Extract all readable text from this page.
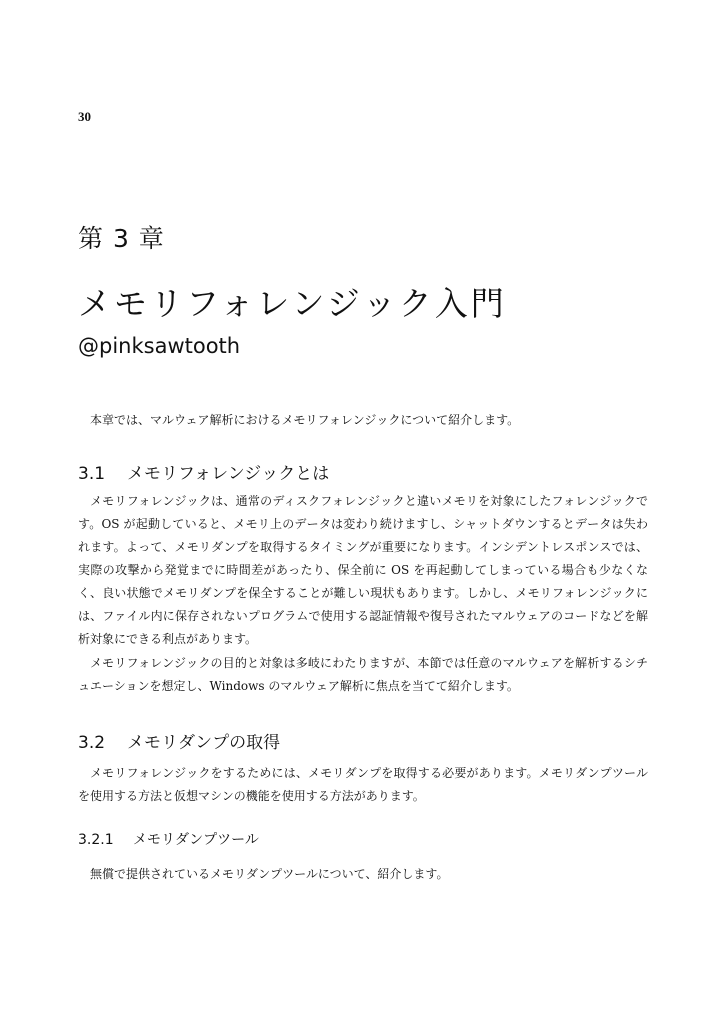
30
第 3 章
メモリフォレンジック入門
@pinksawtooth

本章では、マルウェア解析におけるメモリフォレンジックについて紹介します。

3.1 メモリフォレンジックとは

メモリフォレンジックは、通常のディスクフォレンジックと違いメモリを対象にしたフォレンジックです。OS が起動していると、メモリ上のデータは変わり続けますし、シャットダウンするとデータは失われます。よって、メモリダンプを取得するタイミングが重要になります。インシデントレスポンスでは、実際の攻撃から発覚までに時間差があったり、保全前に OS を再起動してしまっている場合も少なくなく、良い状態でメモリダンプを保全することが難しい現状もあります。しかし、メモリフォレンジックには、ファイル内に保存されないプログラムで使用する認証情報や復号されたマルウェアのコードなどを解析対象にできる利点があります。

メモリフォレンジックの目的と対象は多岐にわたりますが、本節では任意のマルウェアを解析するシチュエーションを想定し、Windows のマルウェア解析に焦点を当てて紹介します。

3.2 メモリダンプの取得

メモリフォレンジックをするためには、メモリダンプを取得する必要があります。メモリダンプツールを使用する方法と仮想マシンの機能を使用する方法があります。

3.2.1 メモリダンプツール

無償で提供されているメモリダンプツールについて、紹介します。
